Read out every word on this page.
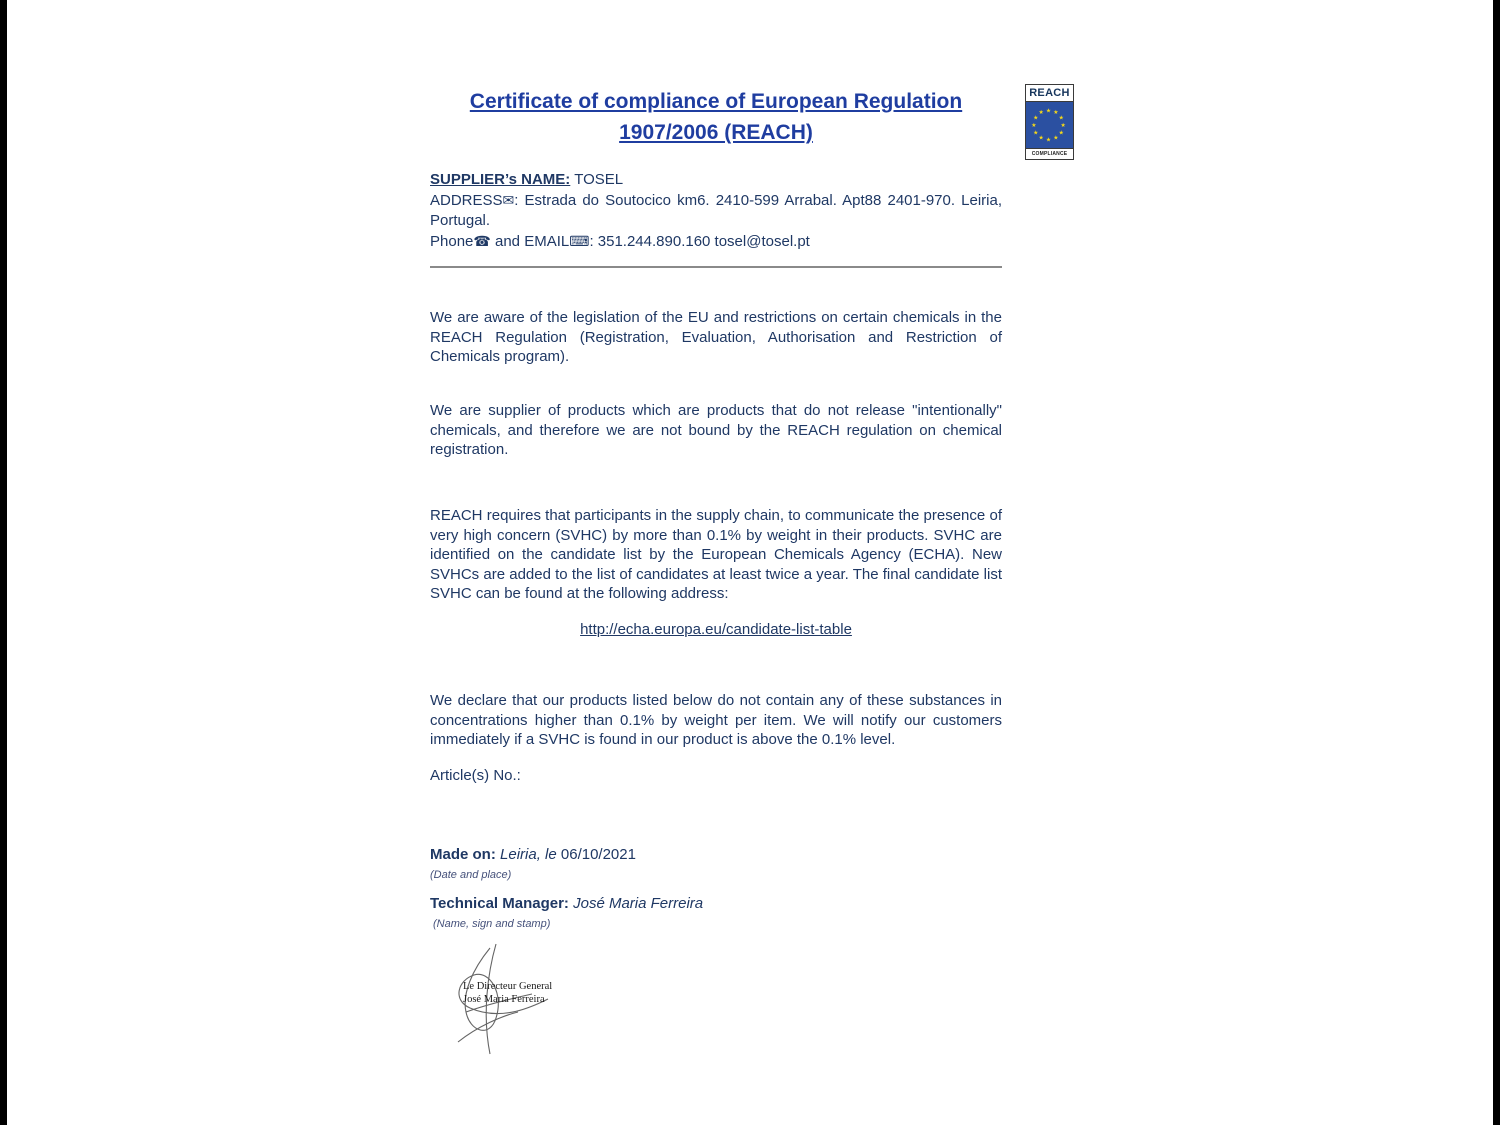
Certificate of compliance of European Regulation
1907/2006 (REACH)
REACH
★ ★
★
★
★
★
★
★
★
★
★
★
COMPLIANCE
SUPPLIER’s NAME: TOSEL
ADDRESS✉: Estrada do Soutocico km6. 2410-599 Arrabal. Apt88 2401-970. Leiria, Portugal.
Phone☎ and EMAIL⌨: 351.244.890.160 tosel@tosel.pt

We are aware of the legislation of the EU and restrictions on certain chemicals in the REACH Regulation (Registration, Evaluation, Authorisation and Restriction of Chemicals program).

We are supplier of products which are products that do not release "intentionally" chemicals, and therefore we are not bound by the REACH regulation on chemical registration.

REACH requires that participants in the supply chain, to communicate the presence of very high concern (SVHC) by more than 0.1% by weight in their products. SVHC are identified on the candidate list by the European Chemicals Agency (ECHA). New SVHCs are added to the list of candidates at least twice a year. The final candidate list SVHC can be found at the following address:

http://echa.europa.eu/candidate-list-table

We declare that our products listed below do not contain any of these substances in concentrations higher than 0.1% by weight per item. We will notify our customers immediately if a SVHC is found in our product is above the 0.1% level.

Article(s) No.:
Made on: Leiria, le 06/10/2021
(Date and place)
Technical Manager: José Maria Ferreira
(Name, sign and stamp)
Le Directeur General
José Maria Ferreira
